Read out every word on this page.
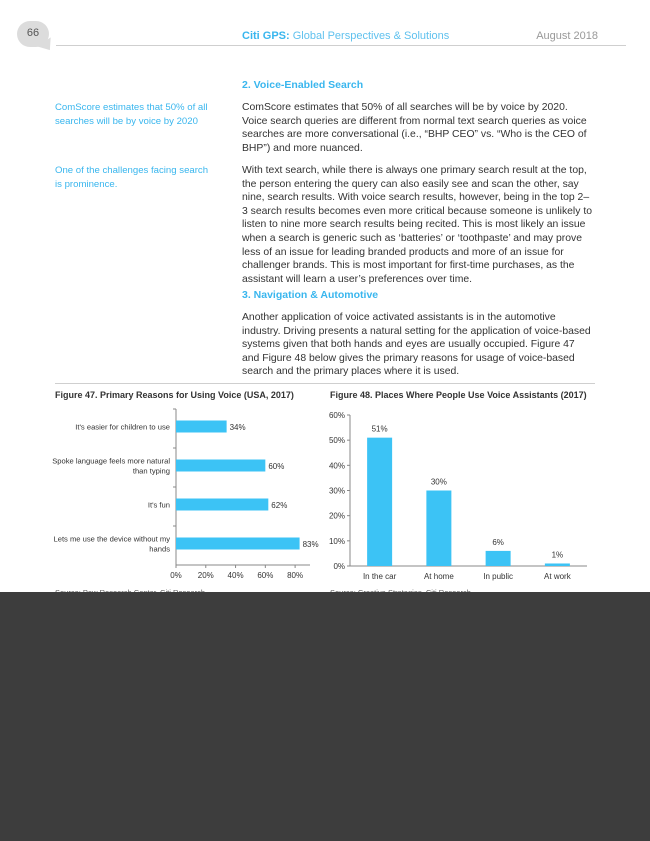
66	Citi GPS: Global Perspectives & Solutions	August 2018
ComScore estimates that 50% of all searches will be by voice by 2020
One of the challenges facing search is prominence.
2. Voice-Enabled Search

ComScore estimates that 50% of all searches will be by voice by 2020. Voice search queries are different from normal text search queries as voice searches are more conversational (i.e., “BHP CEO” vs. “Who is the CEO of BHP”) and more nuanced.

With text search, while there is always one primary search result at the top, the person entering the query can also easily see and scan the other, say nine, search results. With voice search results, however, being in the top 2–3 search results becomes even more critical because someone is unlikely to listen to nine more search results being recited. This is most likely an issue when a search is generic such as ‘batteries’ or ‘toothpaste’ and may prove less of an issue for leading branded products and more of an issue for challenger brands. This is most important for first-time purchases, as the assistant will learn a user’s preferences over time.

3. Navigation & Automotive

Another application of voice activated assistants is in the automotive industry. Driving presents a natural setting for the application of voice-based systems given that both hands and eyes are usually occupied. Figure 47 and Figure 48 below gives the primary reasons for usage of voice-based search and the primary places where it is used.

Figure 47. Primary Reasons for Using Voice (USA, 2017)
34%
It's easier for children to use
60%
Spoke language feels more natural
than typing
62%
It's fun
83%
Lets me use the device without my
hands
0% 20% 40% 60% 80%
Figure 48. Places Where People Use Voice Assistants (2017)
0%
10%
20%
30%
40%
50%
60%
51%
In the car
30%
At home
6%
In public
1%
At work
